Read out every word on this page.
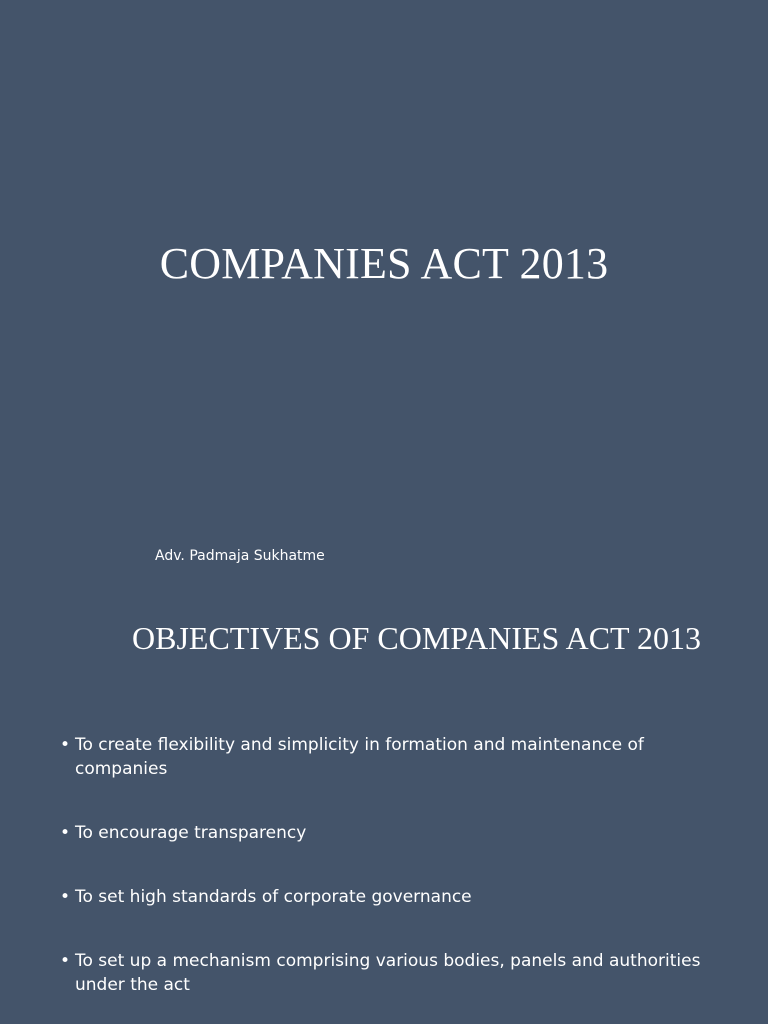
COMPANIES ACT 2013
Adv. Padmaja Sukhatme
OBJECTIVES OF COMPANIES ACT 2013
• To create flexibility and simplicity in formation and maintenance of companies
• To encourage transparency
• To set high standards of corporate governance
• To set up a mechanism comprising various bodies, panels and authorities under the act
